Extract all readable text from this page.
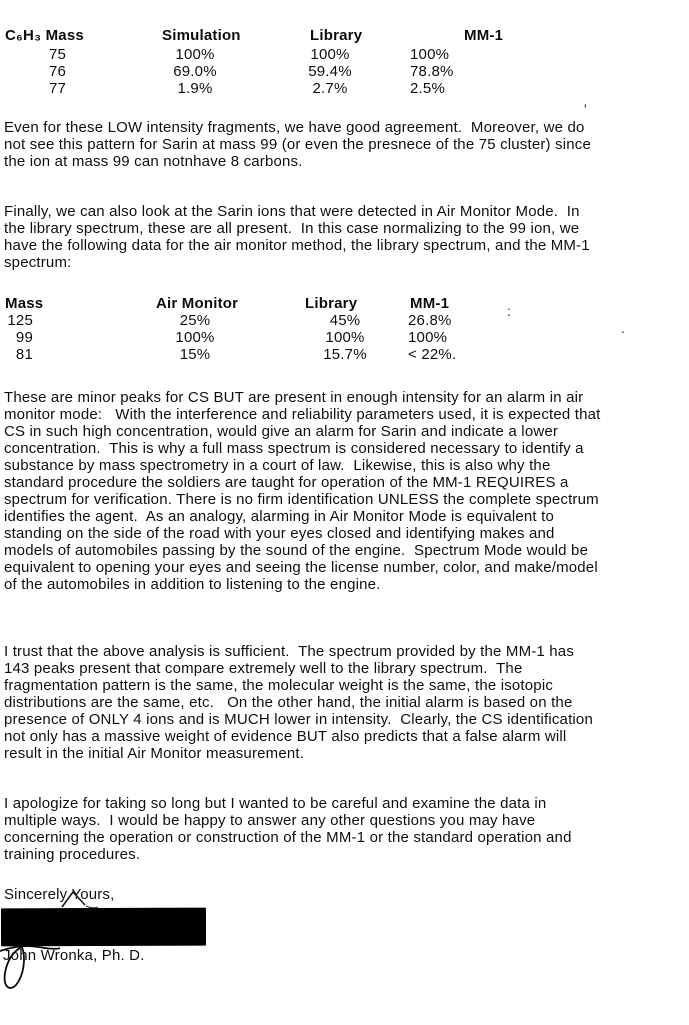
C₆H₃ Mass	Simulation	Library	MM-1
75	100%	100%	100%
76	69.0%	59.4%	78.8%
77	1.9%	2.7%	2.5%
Even for these LOW intensity fragments, we have good agreement.  Moreover, we do
not see this pattern for Sarin at mass 99 (or even the presnece of the 75 cluster) since
the ion at mass 99 can notnhave 8 carbons.
Finally, we can also look at the Sarin ions that were detected in Air Monitor Mode.  In
the library spectrum, these are all present.  In this case normalizing to the 99 ion, we
have the following data for the air monitor method, the library spectrum, and the MM-1
spectrum:
Mass	Air Monitor	Library	MM-1
125	25%	45%	26.8%
99	100%	100%	100%
81	15%	15.7%	< 22%.
These are minor peaks for CS BUT are present in enough intensity for an alarm in air
monitor mode:   With the interference and reliability parameters used, it is expected that
CS in such high concentration, would give an alarm for Sarin and indicate a lower
concentration.  This is why a full mass spectrum is considered necessary to identify a
substance by mass spectrometry in a court of law.  Likewise, this is also why the
standard procedure the soldiers are taught for operation of the MM-1 REQUIRES a
spectrum for verification. There is no firm identification UNLESS the complete spectrum
identifies the agent.  As an analogy, alarming in Air Monitor Mode is equivalent to
standing on the side of the road with your eyes closed and identifying makes and
models of automobiles passing by the sound of the engine.  Spectrum Mode would be
equivalent to opening your eyes and seeing the license number, color, and make/model
of the automobiles in addition to listening to the engine.
I trust that the above analysis is sufficient.  The spectrum provided by the MM-1 has
143 peaks present that compare extremely well to the library spectrum.  The
fragmentation pattern is the same, the molecular weight is the same, the isotopic
distributions are the same, etc.   On the other hand, the initial alarm is based on the
presence of ONLY 4 ions and is MUCH lower in intensity.  Clearly, the CS identification
not only has a massive weight of evidence BUT also predicts that a false alarm will
result in the initial Air Monitor measurement.
I apologize for taking so long but I wanted to be careful and examine the data in
multiple ways.  I would be happy to answer any other questions you may have
concerning the operation or construction of the MM-1 or the standard operation and
training procedures.
Sincerely Yours,
John Wronka, Ph. D.
:
.
'
